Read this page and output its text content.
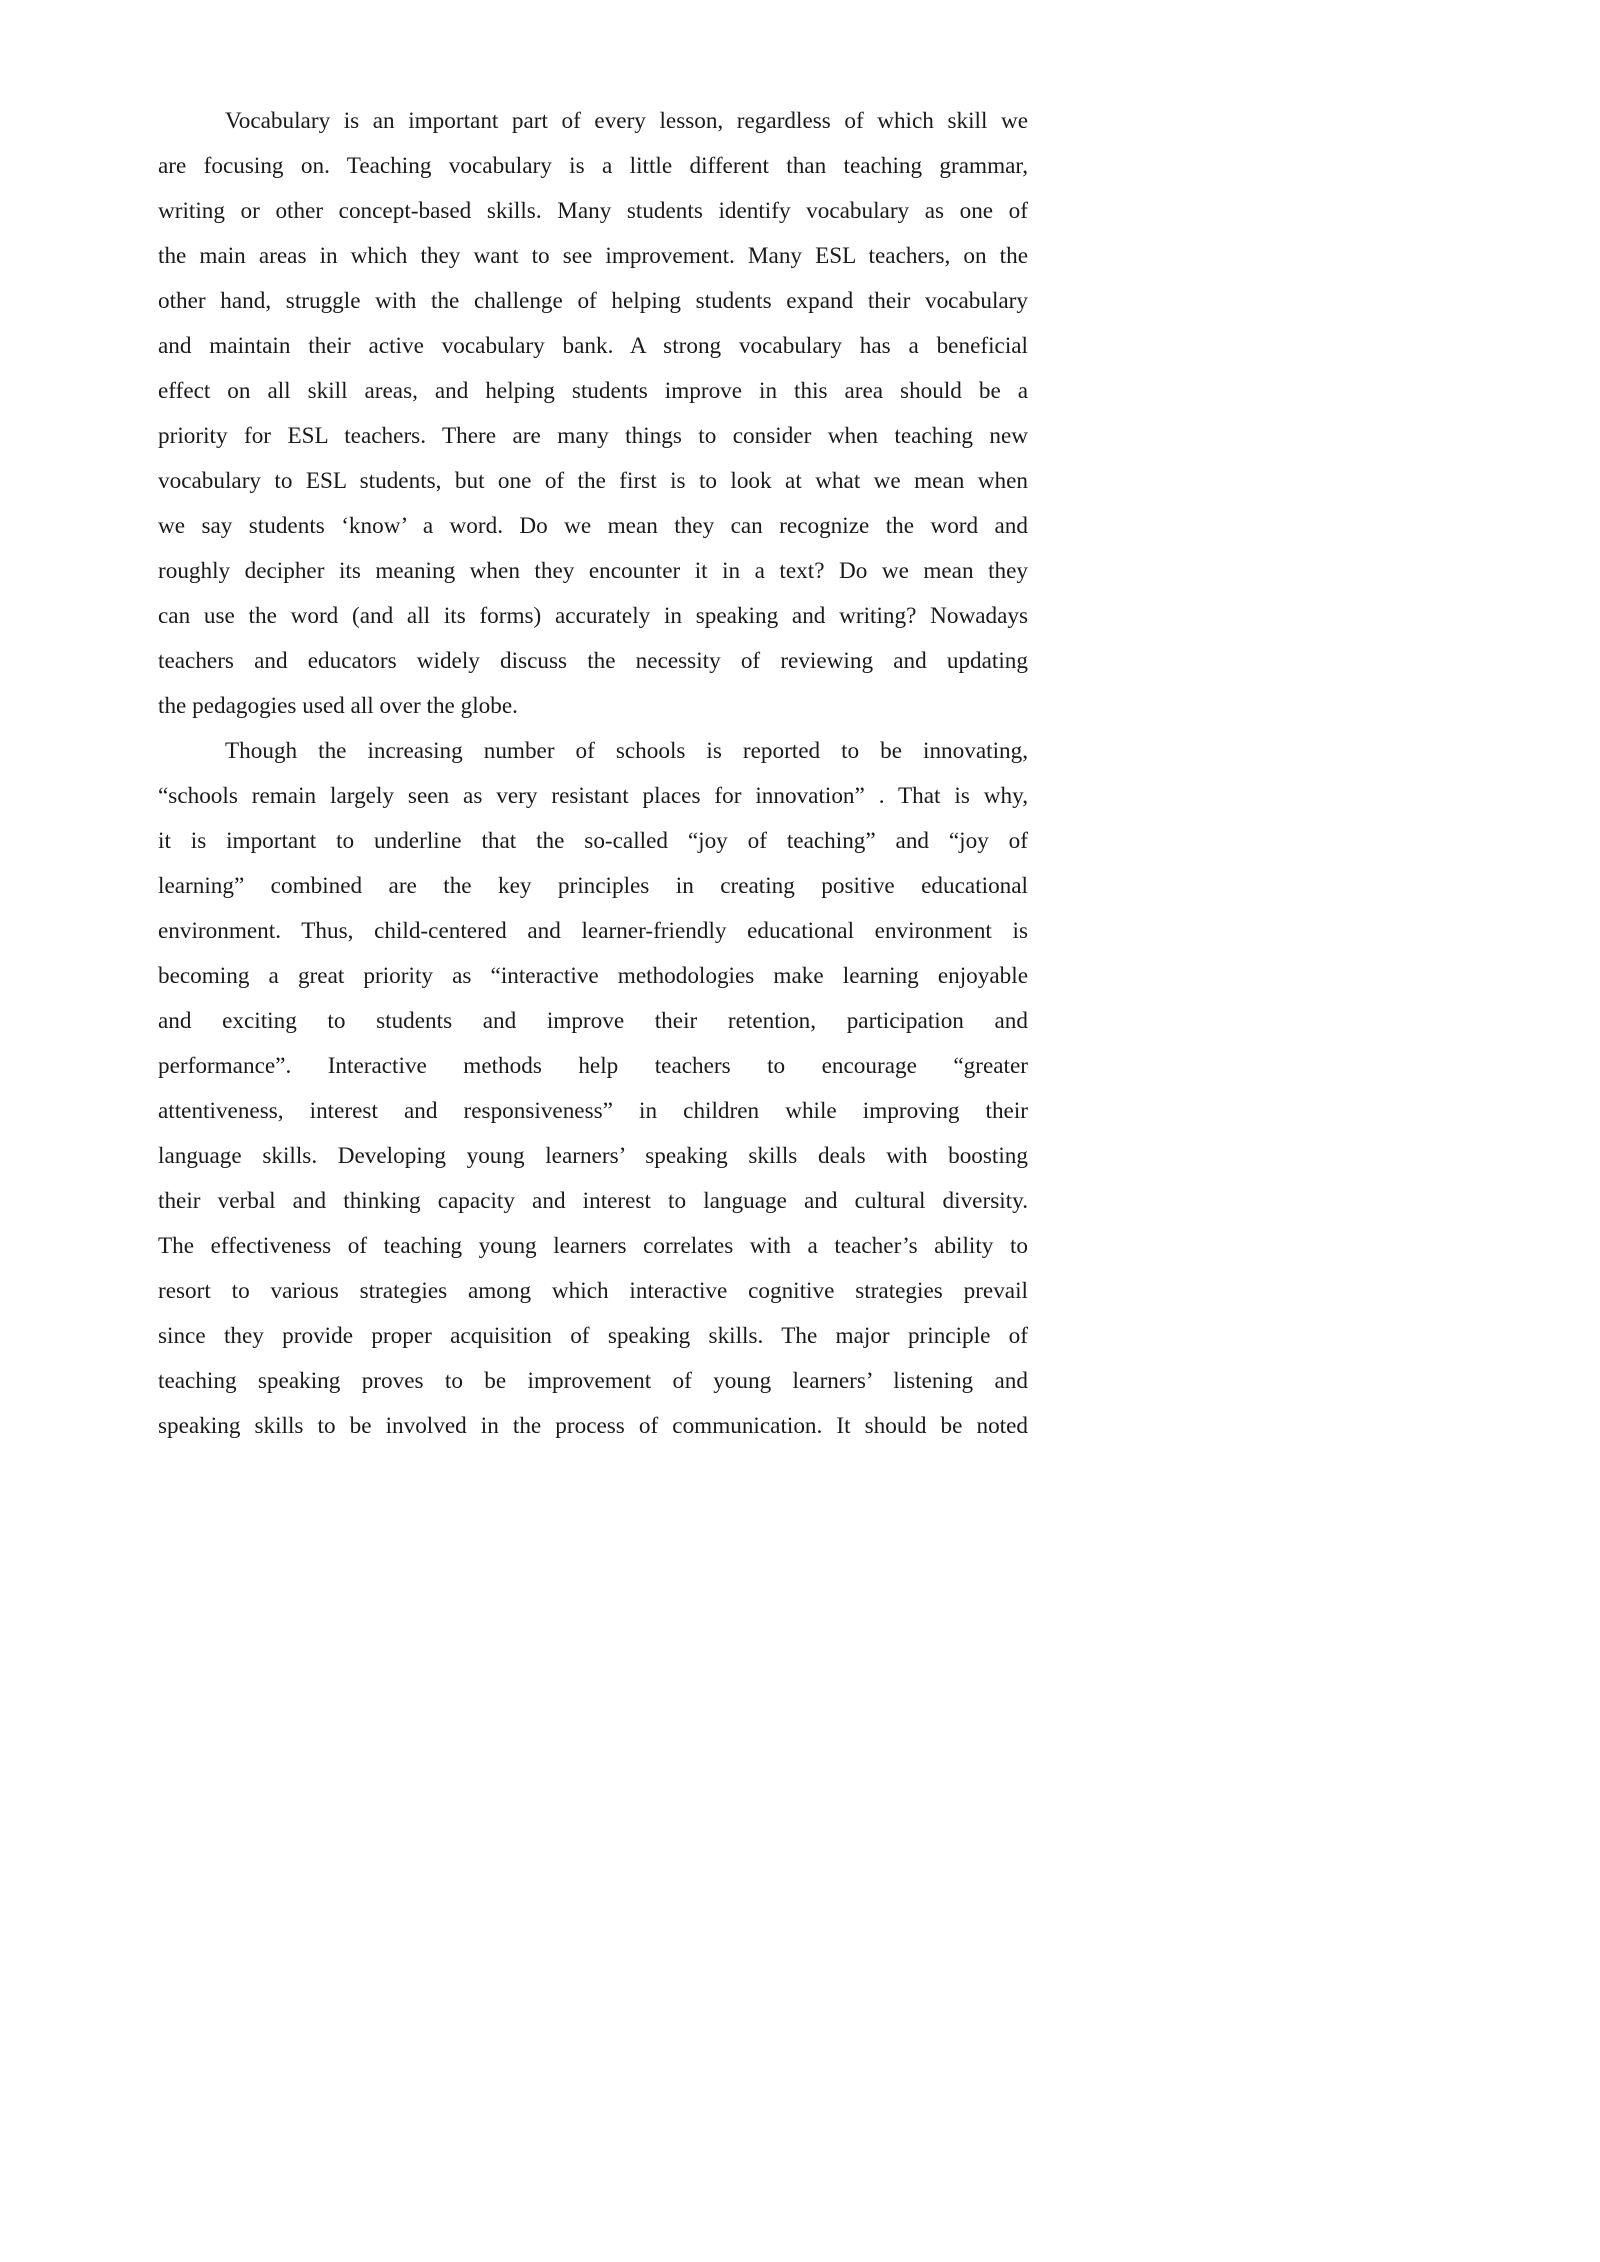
Vocabulary is an important part of every lesson, regardless of which skill we
are focusing on. Teaching vocabulary is a little different than teaching grammar,
writing or other concept-based skills. Many students identify vocabulary as one of
the main areas in which they want to see improvement. Many ESL teachers, on the
other hand, struggle with the challenge of helping students expand their vocabulary
and maintain their active vocabulary bank. A strong vocabulary has a beneficial
effect on all skill areas, and helping students improve in this area should be a
priority for ESL teachers. There are many things to consider when teaching new
vocabulary to ESL students, but one of the first is to look at what we mean when
we say students ‘know’ a word. Do we mean they can recognize the word and
roughly decipher its meaning when they encounter it in a text? Do we mean they
can use the word (and all its forms) accurately in speaking and writing? Nowadays
teachers and educators widely discuss the necessity of reviewing and updating
the pedagogies used all over the globe.
Though the increasing number of schools is reported to be innovating,
“schools remain largely seen as very resistant places for innovation” . That is why,
it is important to underline that the so-called “joy of teaching” and “joy of
learning” combined are the key principles in creating positive educational
environment. Thus, child-centered and learner-friendly educational environment is
becoming a great priority as “interactive methodologies make learning enjoyable
and exciting to students and improve their retention, participation and
performance”. Interactive methods help teachers to encourage “greater
attentiveness, interest and responsiveness” in children while improving their
language skills. Developing young learners’ speaking skills deals with boosting
their verbal and thinking capacity and interest to language and cultural diversity.
The effectiveness of teaching young learners correlates with a teacher’s ability to
resort to various strategies among which interactive cognitive strategies prevail
since they provide proper acquisition of speaking skills. The major principle of
teaching speaking proves to be improvement of young learners’ listening and
speaking skills to be involved in the process of communication. It should be noted
